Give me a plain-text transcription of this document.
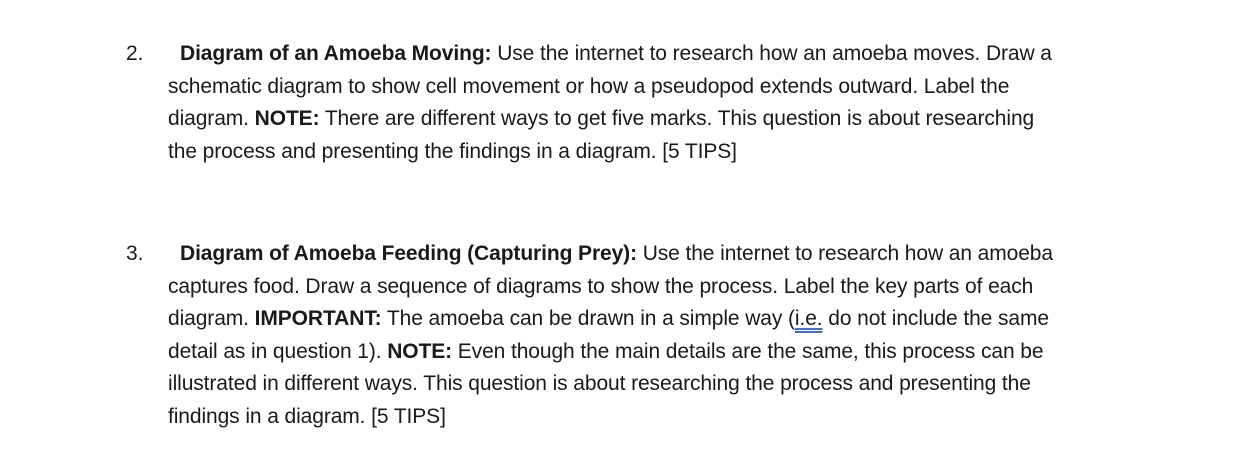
2.	Diagram of an Amoeba Moving: Use the internet to research how an amoeba moves. Draw a
schematic diagram to show cell movement or how a pseudopod extends outward. Label the
diagram. NOTE: There are different ways to get five marks. This question is about researching
the process and presenting the findings in a diagram. [5 TIPS]
3.	Diagram of Amoeba Feeding (Capturing Prey): Use the internet to research how an amoeba
captures food. Draw a sequence of diagrams to show the process. Label the key parts of each
diagram. IMPORTANT: The amoeba can be drawn in a simple way (i.e. do not include the same
detail as in question 1). NOTE: Even though the main details are the same, this process can be
illustrated in different ways. This question is about researching the process and presenting the
findings in a diagram. [5 TIPS]
